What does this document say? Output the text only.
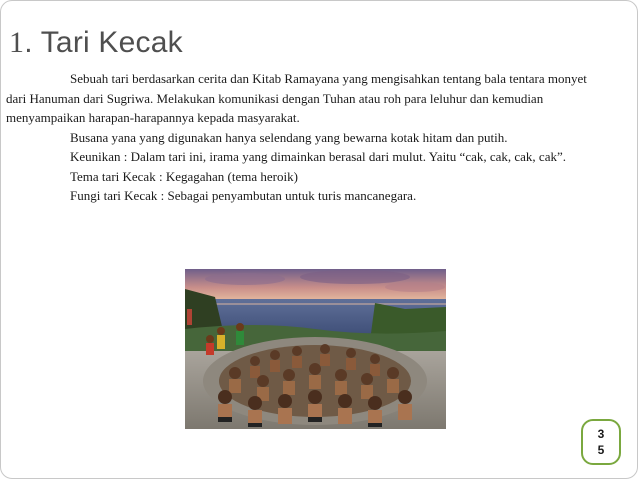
1. Tari Kecak

Sebuah tari berdasarkan cerita dan Kitab Ramayana yang mengisahkan tentang bala tentara monyet dari Hanuman dari Sugriwa. Melakukan komunikasi dengan Tuhan atau roh para leluhur dan kemudian menyampaikan harapan-harapannya kepada masyarakat.

Busana yana yang digunakan hanya selendang yang bewarna kotak hitam dan putih.

Keunikan : Dalam tari ini, irama yang dimainkan berasal dari mulut. Yaitu “cak, cak, cak, cak”.

Tema tari Kecak : Kegagahan (tema heroik)

Fungi tari Kecak : Sebagai penyambutan untuk turis mancanegara.

3
5
